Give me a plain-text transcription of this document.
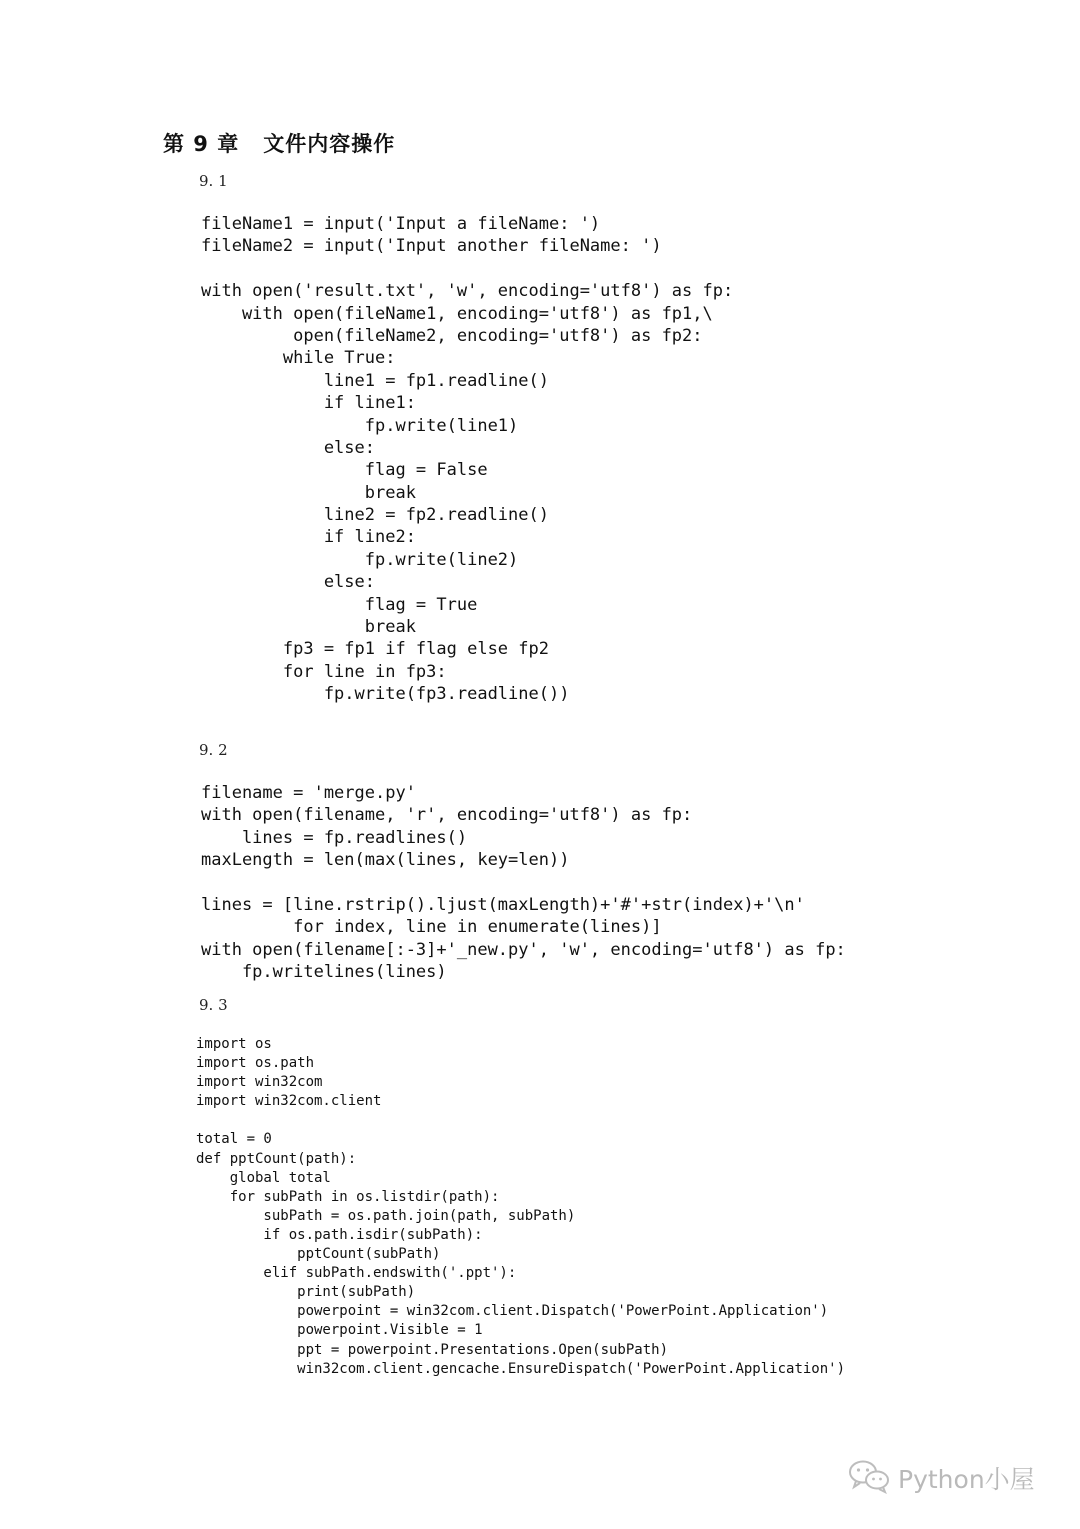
第 9 章 文件内容操作

9. 1

fileName1 = input('Input a fileName: ')
fileName2 = input('Input another fileName: ')
with open('result.txt', 'w', encoding='utf8') as fp:
with open(fileName1, encoding='utf8') as fp1,\
open(fileName2, encoding='utf8') as fp2:
while True:
line1 = fp1.readline()
if line1:
fp.write(line1)
else:
flag = False
break
line2 = fp2.readline()
if line2:
fp.write(line2)
else:
flag = True
break
fp3 = fp1 if flag else fp2
for line in fp3:
fp.write(fp3.readline())

9. 2

filename = 'merge.py'
with open(filename, 'r', encoding='utf8') as fp:
lines = fp.readlines()
maxLength = len(max(lines, key=len))
lines = [line.rstrip().ljust(maxLength)+'#'+str(index)+'\n'
for index, line in enumerate(lines)]
with open(filename[:-3]+'_new.py', 'w', encoding='utf8') as fp:
fp.writelines(lines)

9. 3

import os
import os.path
import win32com
import win32com.client
total = 0
def pptCount(path):
global total
for subPath in os.listdir(path):
subPath = os.path.join(path, subPath)
if os.path.isdir(subPath):
pptCount(subPath)
elif subPath.endswith('.ppt'):
print(subPath)
powerpoint = win32com.client.Dispatch('PowerPoint.Application')
powerpoint.Visible = 1
ppt = powerpoint.Presentations.Open(subPath)
win32com.client.gencache.EnsureDispatch('PowerPoint.Application')
Python小屋
